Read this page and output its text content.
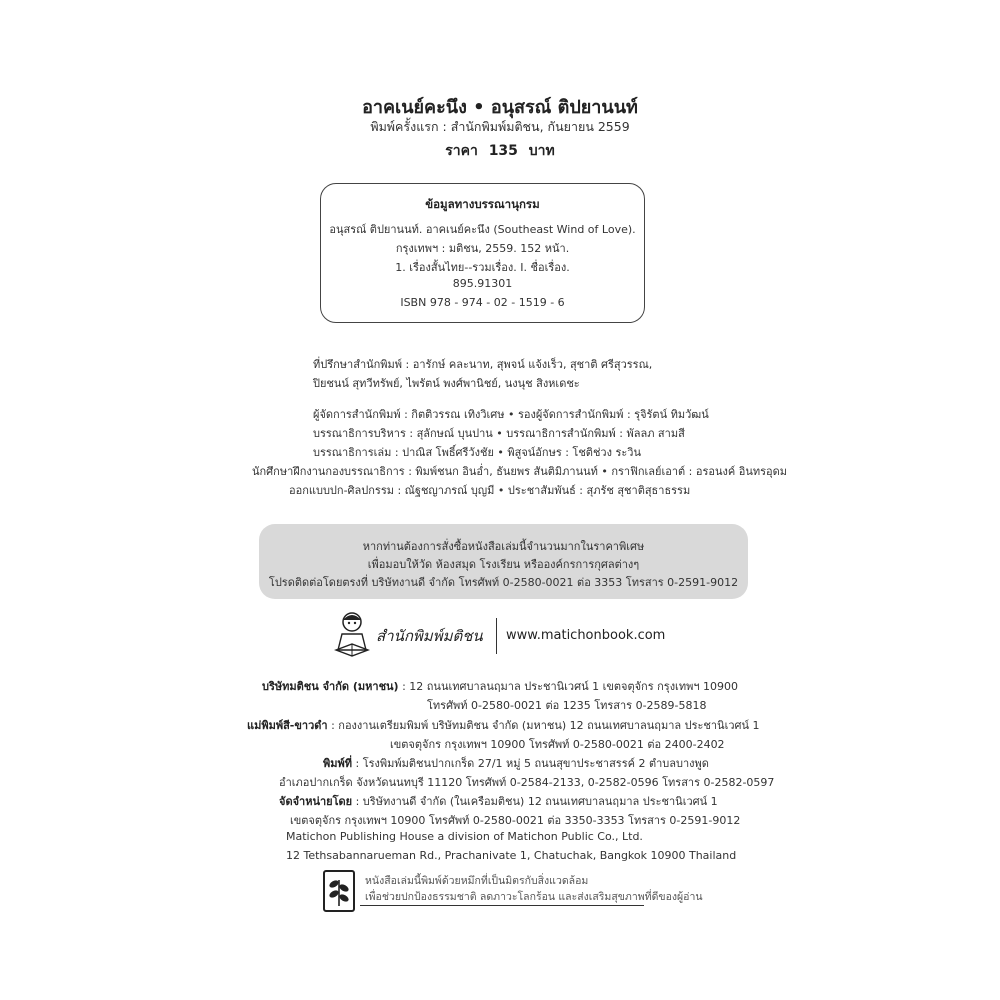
อาคเนย์คะนึง • อนุสรณ์ ติปยานนท์
พิมพ์ครั้งแรก : สำนักพิมพ์มติชน, กันยายน 2559
ราคา 135 บาท
ข้อมูลทางบรรณานุกรม
อนุสรณ์ ติปยานนท์. อาคเนย์คะนึง (Southeast Wind of Love).
กรุงเทพฯ : มติชน, 2559. 152 หน้า.
1. เรื่องสั้นไทย--รวมเรื่อง. I. ชื่อเรื่อง.
895.91301
ISBN 978 - 974 - 02 - 1519 - 6
ที่ปรึกษาสำนักพิมพ์ : อารักษ์ คละนาท, สุพจน์ แจ้งเร็ว, สุชาติ ศรีสุวรรณ,
ปิยชนน์ สุทวีทรัพย์, ไพรัตน์ พงศ์พานิชย์, นงนุช สิงหเดชะ
ผู้จัดการสำนักพิมพ์ : กิตติวรรณ เทิงวิเศษ • รองผู้จัดการสำนักพิมพ์ : รุจิรัตน์ ทิมวัฒน์
บรรณาธิการบริหาร : สุลักษณ์ บุนปาน • บรรณาธิการสำนักพิมพ์ : พัลลภ สามสี
บรรณาธิการเล่ม : ปาณิส โพธิ์ศรีวังชัย • พิสูจน์อักษร : โชติช่วง ระวิน
นักศึกษาฝึกงานกองบรรณาธิการ : พิมพ์ชนก อินอ่ำ, ธันยพร สันติมิภานนท์ • กราฟิกเลย์เอาต์ : อรอนงค์ อินทรอุดม
ออกแบบปก-ศิลปกรรม : ณัฐชญาภรณ์ บุญมี • ประชาสัมพันธ์ : สุภรัช สุชาติสุธาธรรม
หากท่านต้องการสั่งซื้อหนังสือเล่มนี้จำนวนมากในราคาพิเศษ
เพื่อมอบให้วัด ห้องสมุด โรงเรียน หรือองค์กรการกุศลต่างๆ
โปรดติดต่อโดยตรงที่ บริษัทงานดี จำกัด โทรศัพท์ 0-2580-0021 ต่อ 3353 โทรสาร 0-2591-9012
สำนักพิมพ์มติชน www.matichonbook.com
บริษัทมติชน จำกัด (มหาชน) : 12 ถนนเทศบาลนฤมาล ประชานิเวศน์ 1 เขตจตุจักร กรุงเทพฯ 10900
โทรศัพท์ 0-2580-0021 ต่อ 1235 โทรสาร 0-2589-5818
แม่พิมพ์สี-ขาวดำ : กองงานเตรียมพิมพ์ บริษัทมติชน จำกัด (มหาชน) 12 ถนนเทศบาลนฤมาล ประชานิเวศน์ 1
เขตจตุจักร กรุงเทพฯ 10900 โทรศัพท์ 0-2580-0021 ต่อ 2400-2402
พิมพ์ที่ : โรงพิมพ์มติชนปากเกร็ด 27/1 หมู่ 5 ถนนสุขาประชาสรรค์ 2 ตำบลบางพูด
อำเภอปากเกร็ด จังหวัดนนทบุรี 11120 โทรศัพท์ 0-2584-2133, 0-2582-0596 โทรสาร 0-2582-0597
จัดจำหน่ายโดย : บริษัทงานดี จำกัด (ในเครือมติชน) 12 ถนนเทศบาลนฤมาล ประชานิเวศน์ 1
เขตจตุจักร กรุงเทพฯ 10900 โทรศัพท์ 0-2580-0021 ต่อ 3350-3353 โทรสาร 0-2591-9012
Matichon Publishing House a division of Matichon Public Co., Ltd.
12 Tethsabannarueman Rd., Prachanivate 1, Chatuchak, Bangkok 10900 Thailand
หนังสือเล่มนี้พิมพ์ด้วยหมึกที่เป็นมิตรกับสิ่งแวดล้อม
เพื่อช่วยปกป้องธรรมชาติ ลดภาวะโลกร้อน และส่งเสริมสุขภาพที่ดีของผู้อ่าน
